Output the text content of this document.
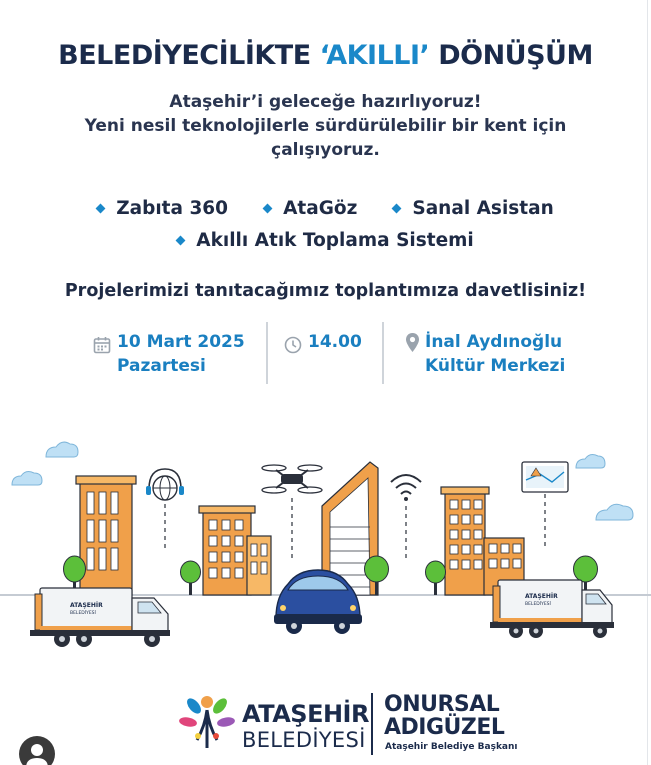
BELEDİYECİLİKTE ‘AKILLI’ DÖNÜŞÜM
Ataşehir’i geleceğe hazırlıyoruz!
Yeni nesil teknolojilerle sürdürülebilir bir kent için
çalışıyoruz.
Zabıta 360	AtaGöz	Sanal Asistan
Akıllı Atık Toplama Sistemi
Projelerimizi tanıtacağımız toplantımıza davetlisiniz!
10 Mart 2025
Pazartesi
14.00	İnal Aydınoğlu
Kültür Merkezi
ATAŞEHİR
BELEDİYESİ
ATAŞEHİR
BELEDİYESİ
ATAŞEHİR
BELEDİYESİ
ONURSAL
ADIGÜZEL
Ataşehir Belediye Başkanı
